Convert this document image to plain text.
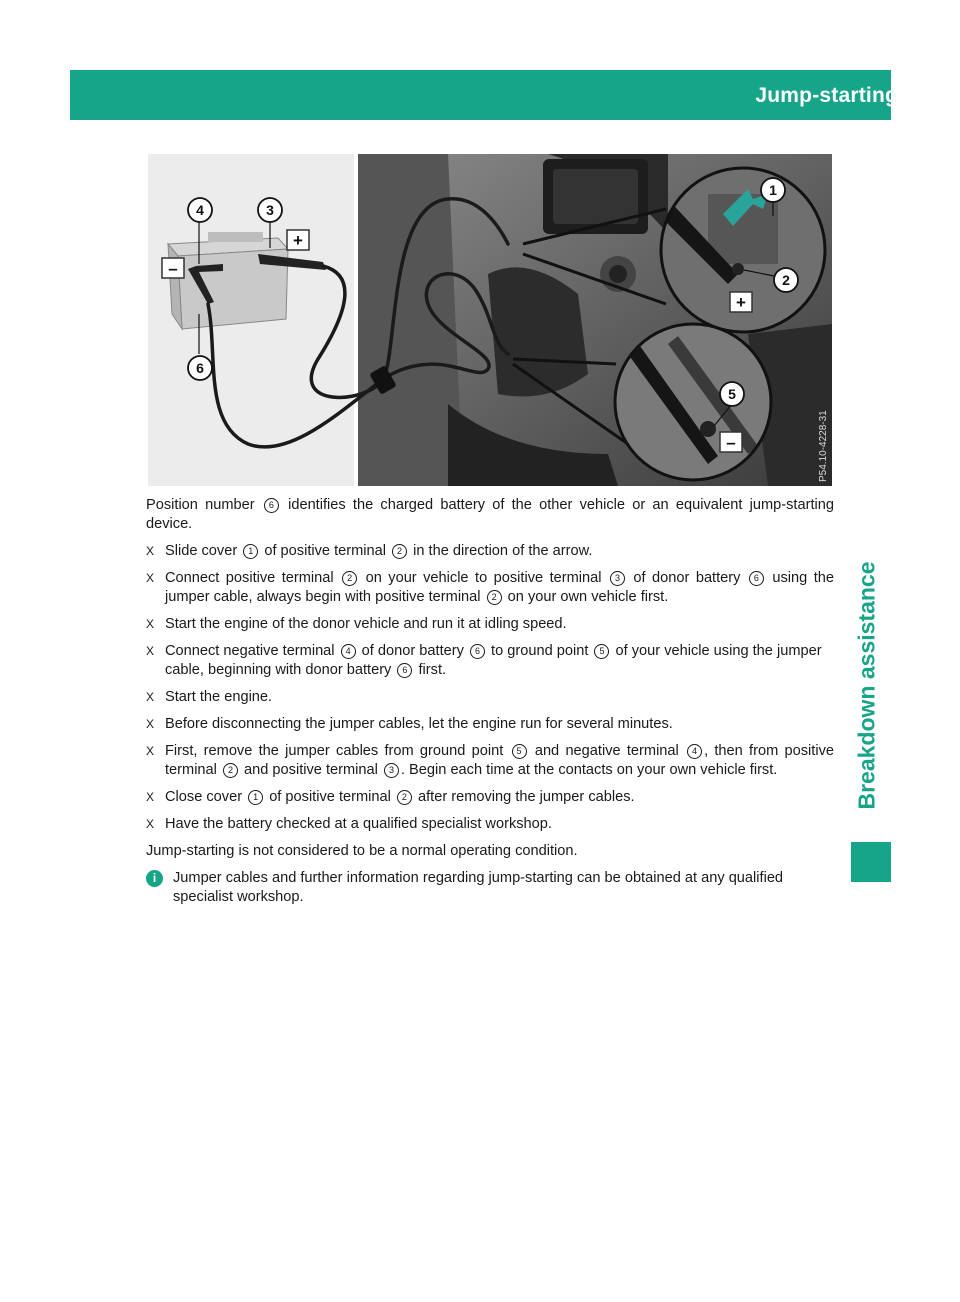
Jump-starting 345
Breakdown assistance
+
–
+
–
4	3
6
1
2
5
P54.10-4228-31

Position number 6 identifies the charged battery of the other vehicle or an equivalent jump-starting device.

X Slide cover 1 of positive terminal 2 in the direction of the arrow.
X Connect positive terminal 2 on your vehicle to positive terminal 3 of donor battery 6 using the jumper cable, always begin with positive terminal 2 on your own vehicle first.
X Start the engine of the donor vehicle and run it at idling speed.
X Connect negative terminal 4 of donor battery 6 to ground point 5 of your vehicle using the jumper cable, beginning with donor battery 6 first.
X Start the engine.
X Before disconnecting the jumper cables, let the engine run for several minutes.
X First, remove the jumper cables from ground point 5 and negative terminal 4 , then from positive terminal 2 and positive terminal 3 . Begin each time at the contacts on your own vehicle first.
X Close cover 1 of positive terminal 2 after removing the jumper cables.
X Have the battery checked at a qualified specialist workshop.

Jump-starting is not considered to be a normal operating condition.

i	Jumper cables and further information regarding jump-starting can be obtained at any qualified specialist workshop.
